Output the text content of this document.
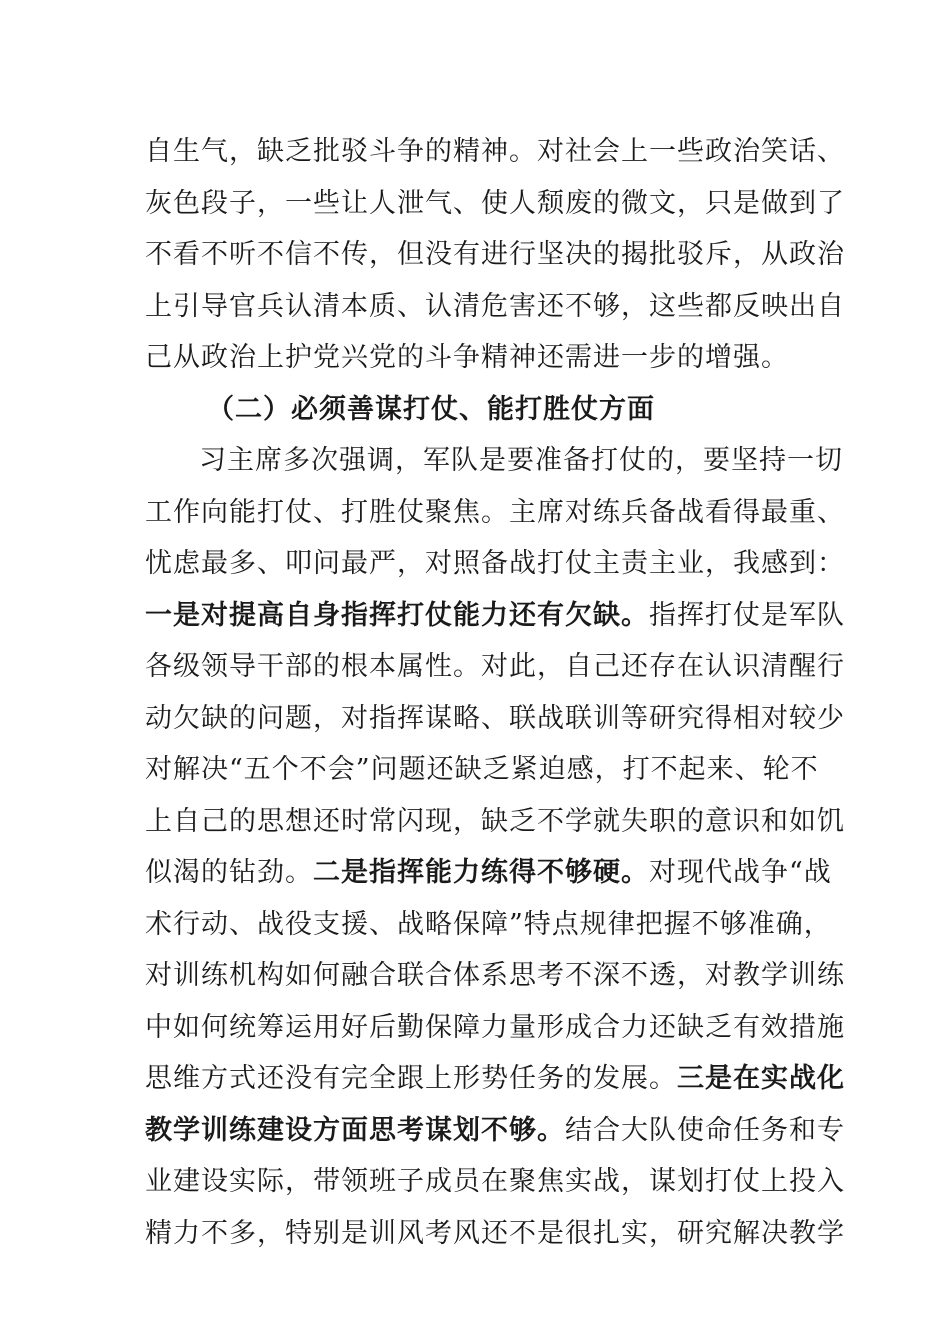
自生气，缺乏批驳斗争的精神。对社会上一些政治笑话、
灰色段子，一些让人泄气、使人颓废的微文，只是做到了
不看不听不信不传，但没有进行坚决的揭批驳斥，从政治
上引导官兵认清本质、认清危害还不够，这些都反映出自
己从政治上护党兴党的斗争精神还需进一步的增强。
（二）必须善谋打仗、能打胜仗方面
习主席多次强调，军队是要准备打仗的，要坚持一切
工作向能打仗、打胜仗聚焦。主席对练兵备战看得最重、
忧虑最多、叩问最严，对照备战打仗主责主业，我感到：
一是对提高自身指挥打仗能力还有欠缺。指挥打仗是军队
各级领导干部的根本属性。对此，自己还存在认识清醒行
动欠缺的问题，对指挥谋略、联战联训等研究得相对较少
对解决“五个不会”问题还缺乏紧迫感，打不起来、轮不
上自己的思想还时常闪现，缺乏不学就失职的意识和如饥
似渴的钻劲。二是指挥能力练得不够硬。对现代战争“战
术行动、战役支援、战略保障”特点规律把握不够准确，
对训练机构如何融合联合体系思考不深不透，对教学训练
中如何统筹运用好后勤保障力量形成合力还缺乏有效措施
思维方式还没有完全跟上形势任务的发展。三是在实战化
教学训练建设方面思考谋划不够。结合大队使命任务和专
业建设实际，带领班子成员在聚焦实战，谋划打仗上投入
精力不多，特别是训风考风还不是很扎实，研究解决教学
